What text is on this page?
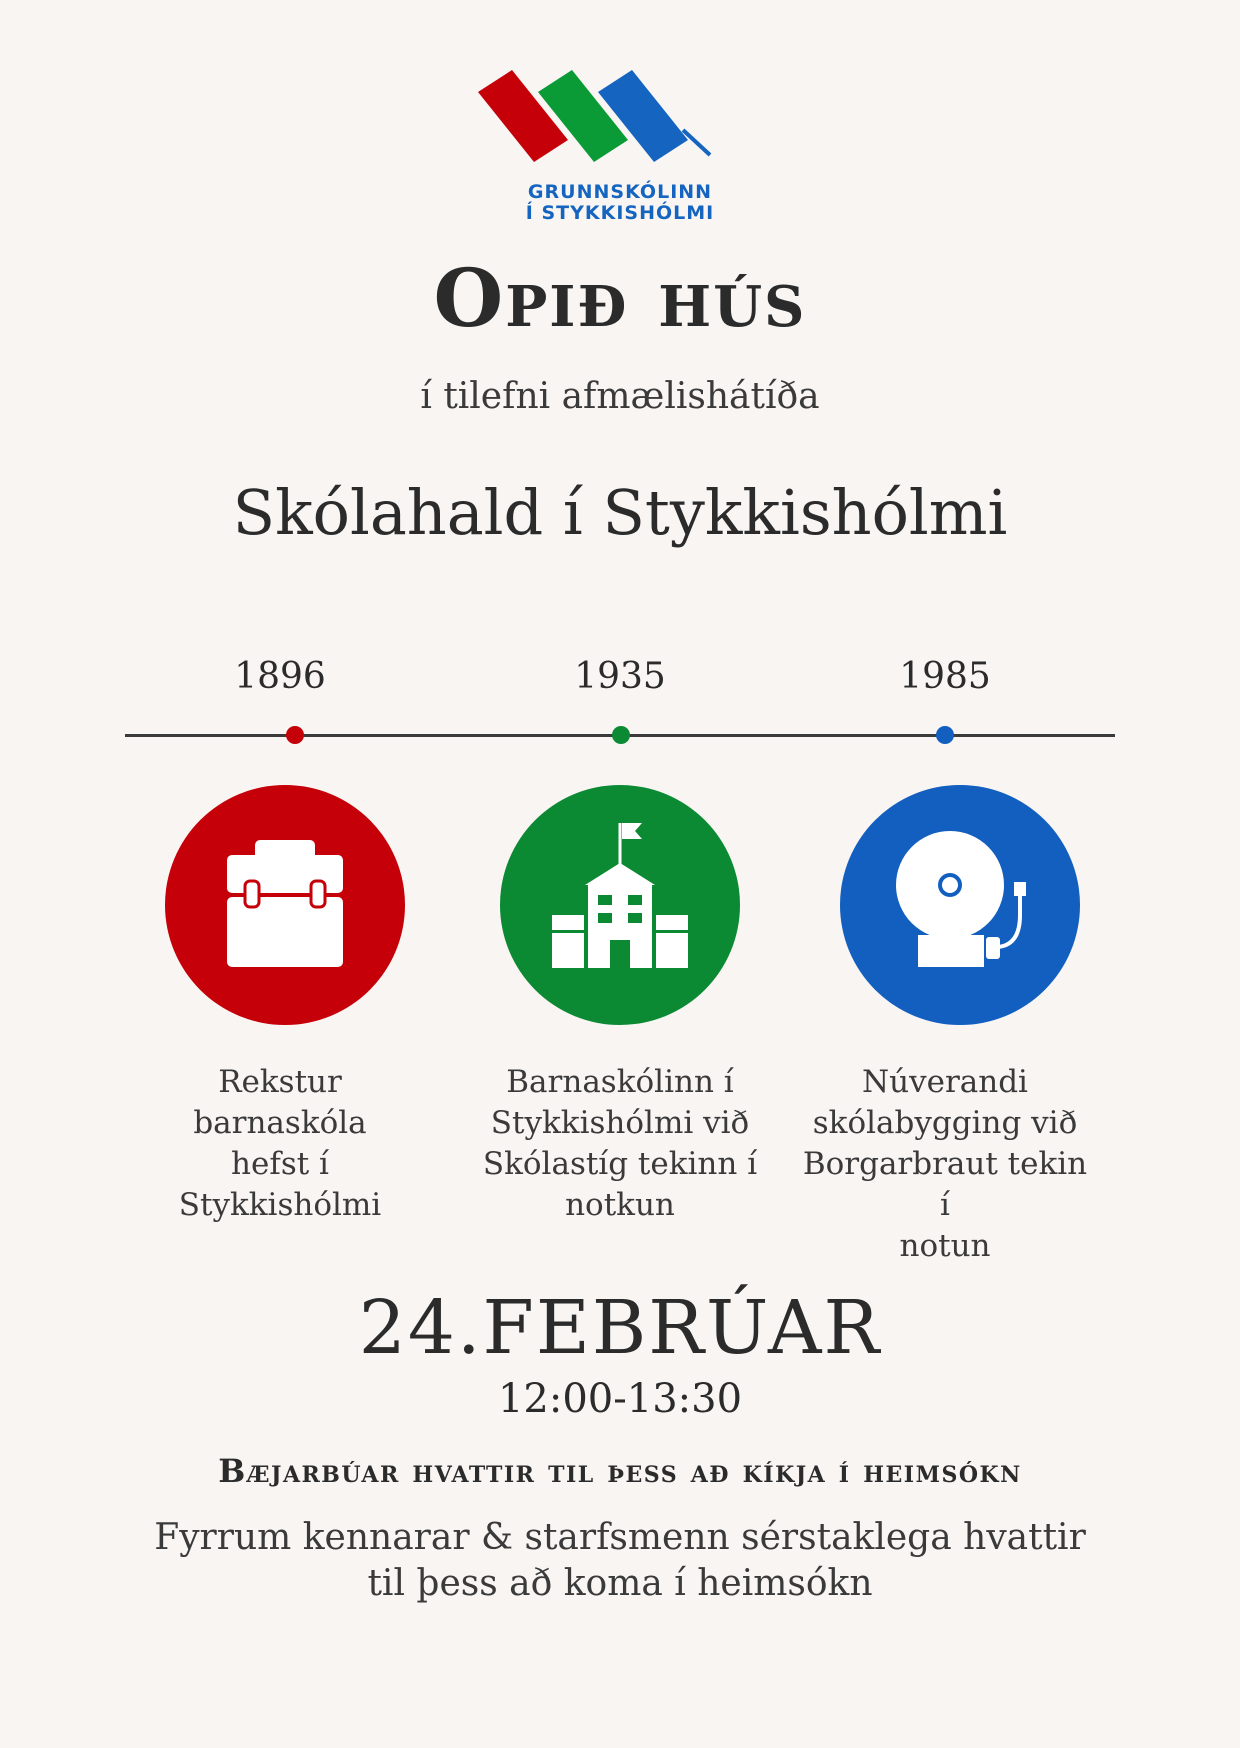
GRUNNSKÓLINN
Í STYKKISHÓLMI
Opið hús
í tilefni afmælishátíða
Skólahald í Stykkishólmi
1896	1935	1985
Rekstur barnaskóla
hefst í Stykkishólmi
Barnaskólinn í
Stykkishólmi við
Skólastíg tekinn í
notkun
Núverandi
skólabygging við
Borgarbraut tekin í
notun
24.FEBRÚAR
12:00-13:30
Bæjarbúar hvattir til þess að kíkja í heimsókn
Fyrrum kennarar & starfsmenn sérstaklega hvattir
til þess að koma í heimsókn
